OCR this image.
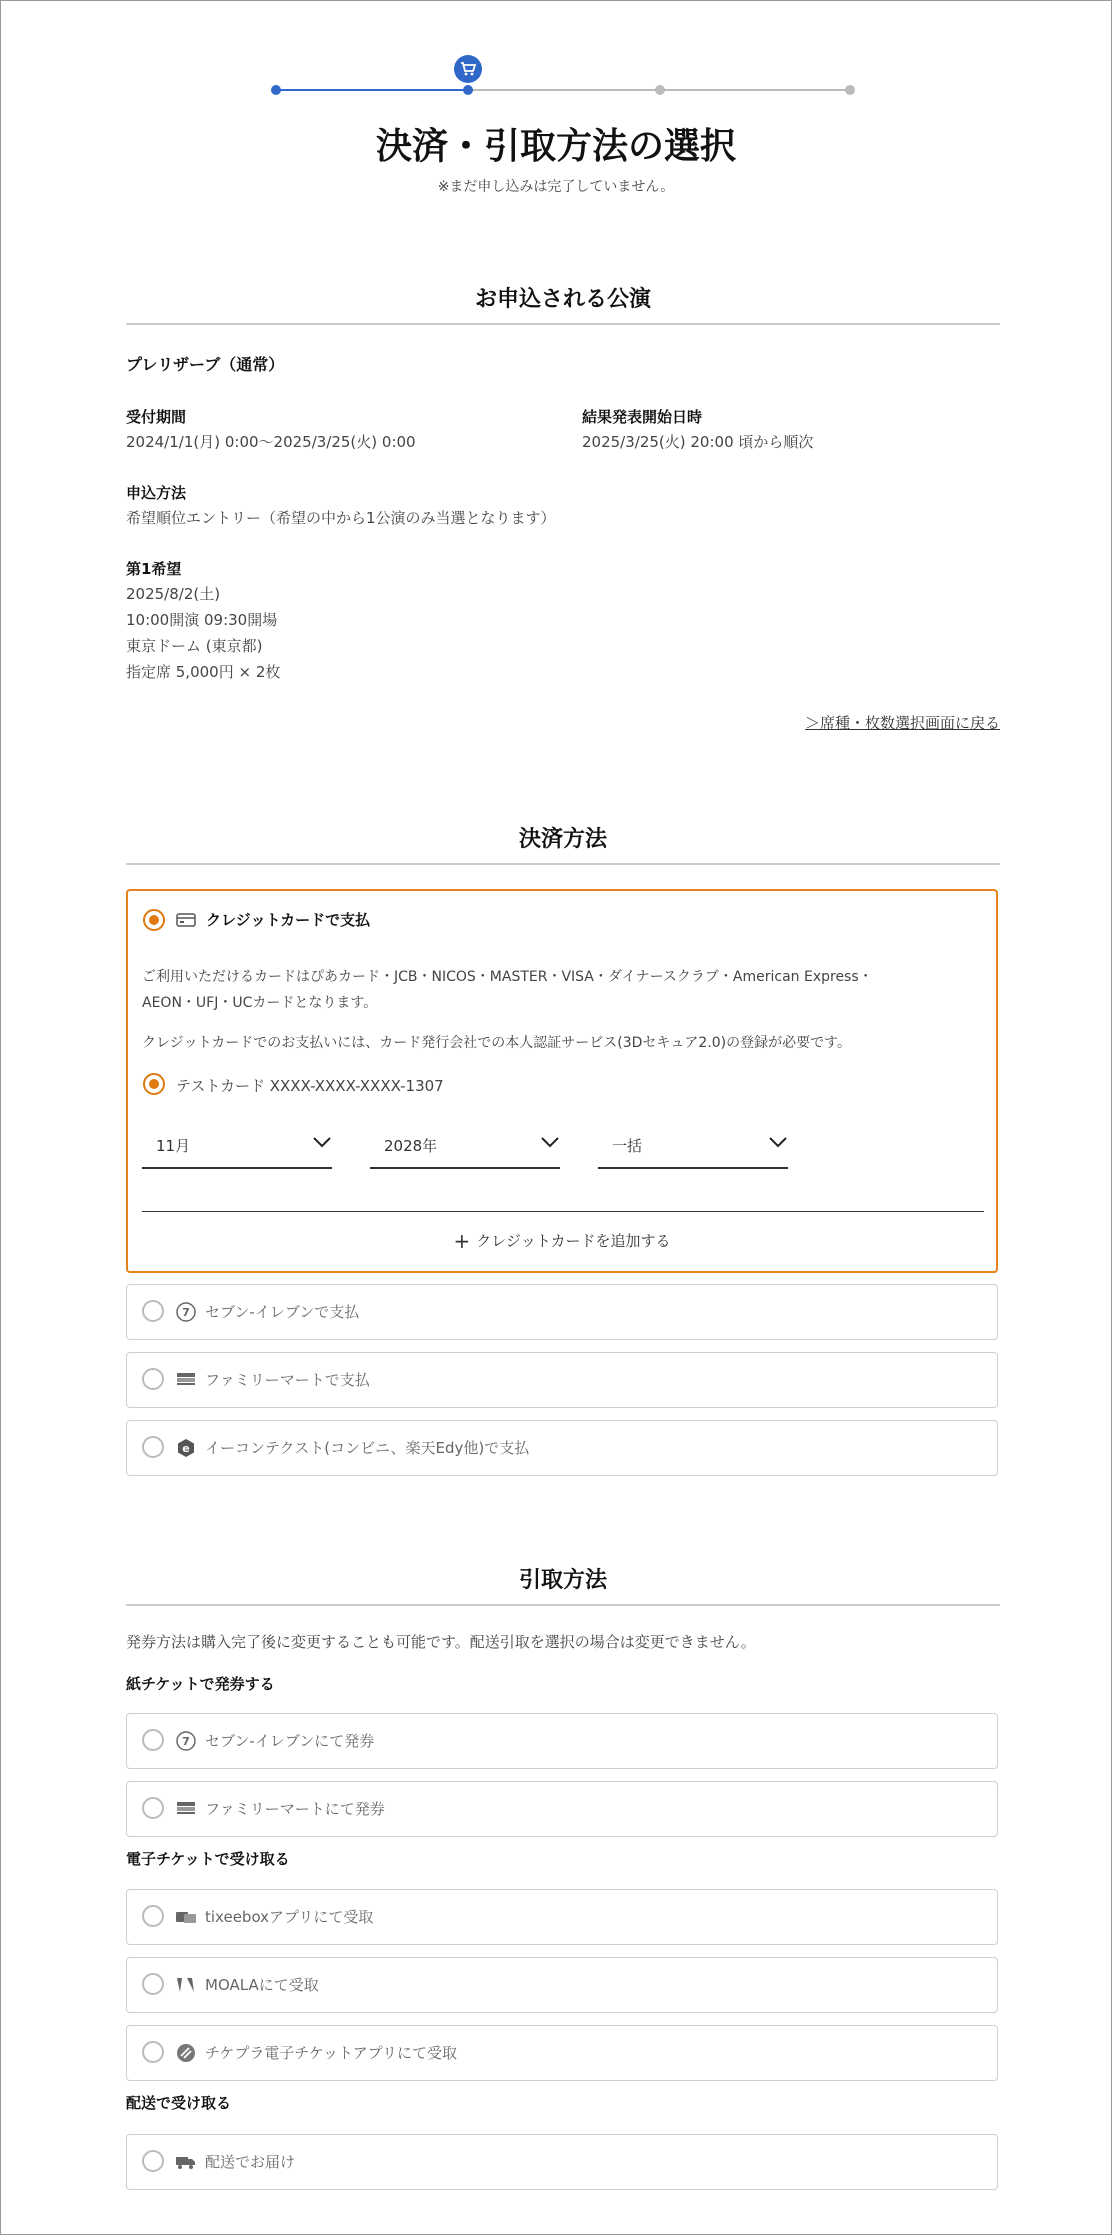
決済・引取方法の選択
※まだ申し込みは完了していません。
お申込される公演
プレリザーブ（通常）
受付期間
2024/1/1(月) 0:00〜2025/3/25(火) 0:00
結果発表開始日時
2025/3/25(火) 20:00 頃から順次
申込方法
希望順位エントリー（希望の中から1公演のみ当選となります）
第1希望
2025/8/2(土)
10:00開演 09:30開場
東京ドーム (東京都)
指定席 5,000円 × 2枚
＞席種・枚数選択画面に戻る
決済方法
クレジットカードで支払
ご利用いただけるカードはぴあカード・JCB・NICOS・MASTER・VISA・ダイナースクラブ・American Express・
AEON・UFJ・UCカードとなります。
クレジットカードでのお支払いには、カード発行会社での本人認証サービス(3Dセキュア2.0)の登録が必要です。
テストカード XXXX-XXXX-XXXX-1307
11月	2028年	一括
+ クレジットカードを追加する
7 セブン-イレブンで支払
ファミリーマートで支払
e イーコンテクスト(コンビニ、楽天Edy他)で支払
引取方法
発券方法は購入完了後に変更することも可能です。配送引取を選択の場合は変更できません。
紙チケットで発券する
7 セブン-イレブンにて発券
ファミリーマートにて発券
電子チケットで受け取る
tixeeboxアプリにて受取
MOALAにて受取
チケプラ電子チケットアプリにて受取
配送で受け取る
配送でお届け
